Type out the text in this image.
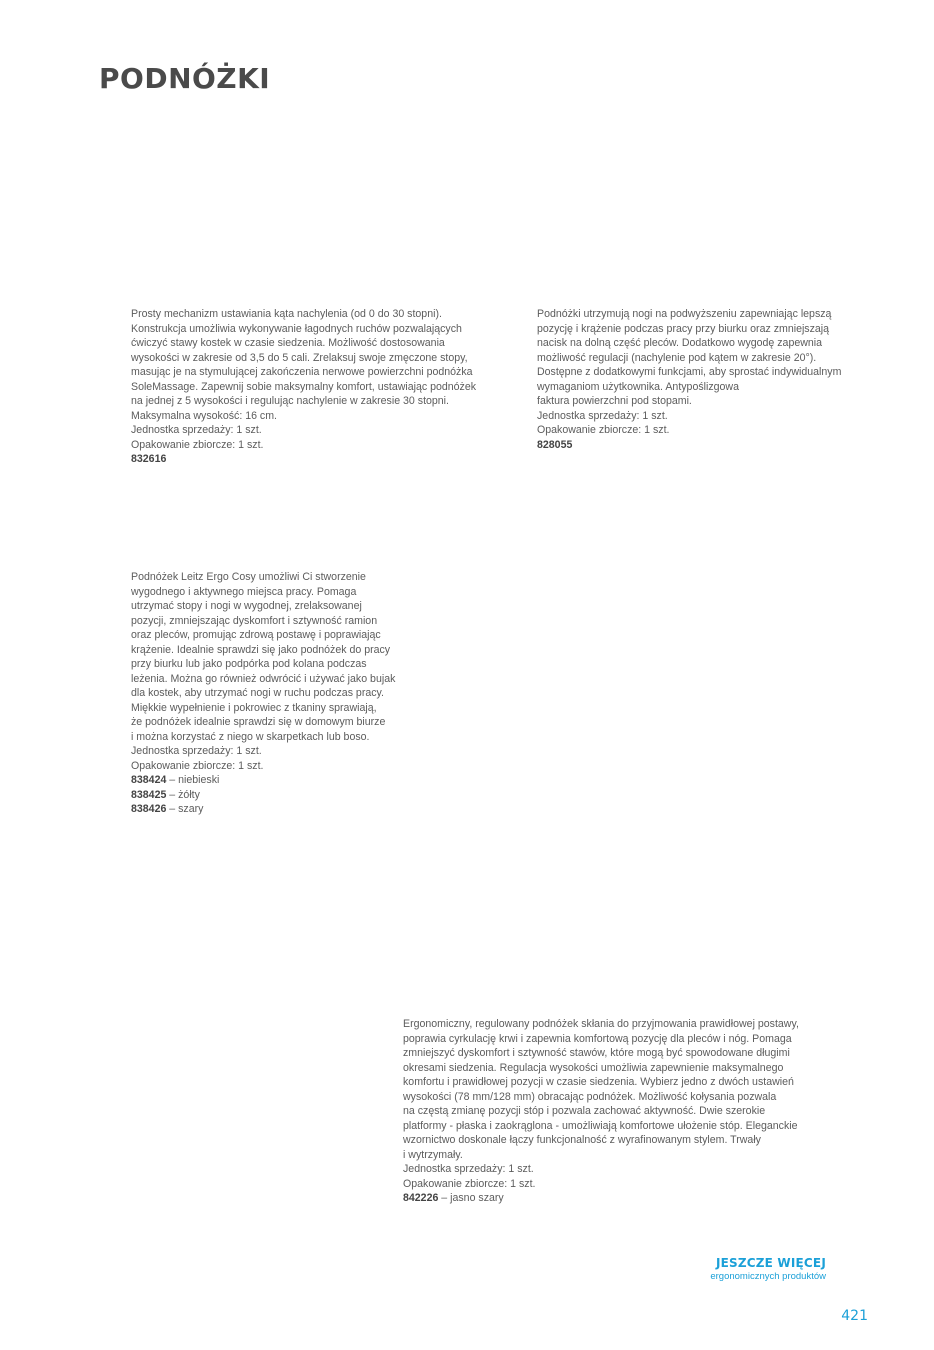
PODNÓŻKI

Prosty mechanizm ustawiania kąta nachylenia (od 0 do 30 stopni).
Konstrukcja umożliwia wykonywanie łagodnych ruchów pozwalających
ćwiczyć stawy kostek w czasie siedzenia. Możliwość dostosowania
wysokości w zakresie od 3,5 do 5 cali. Zrelaksuj swoje zmęczone stopy,
masując je na stymulującej zakończenia nerwowe powierzchni podnóżka
SoleMassage. Zapewnij sobie maksymalny komfort, ustawiając podnóżek
na jednej z 5 wysokości i regulując nachylenie w zakresie 30 stopni.
Maksymalna wysokość: 16 cm.

Jednostka sprzedaży: 1 szt.

Opakowanie zbiorcze: 1 szt.

832616

Podnóżki utrzymują nogi na podwyższeniu zapewniając lepszą
pozycję i krążenie podczas pracy przy biurku oraz zmniejszają
nacisk na dolną część pleców. Dodatkowo wygodę zapewnia
możliwość regulacji (nachylenie pod kątem w zakresie 20°).
Dostępne z dodatkowymi funkcjami, aby sprostać indywidualnym
wymaganiom użytkownika. Antypoślizgowa
faktura powierzchni pod stopami.

Jednostka sprzedaży: 1 szt.

Opakowanie zbiorcze: 1 szt.

828055

Podnóżek Leitz Ergo Cosy umożliwi Ci stworzenie
wygodnego i aktywnego miejsca pracy. Pomaga
utrzymać stopy i nogi w wygodnej, zrelaksowanej
pozycji, zmniejszając dyskomfort i sztywność ramion
oraz pleców, promując zdrową postawę i poprawiając
krążenie. Idealnie sprawdzi się jako podnóżek do pracy
przy biurku lub jako podpórka pod kolana podczas
leżenia. Można go również odwrócić i używać jako bujak
dla kostek, aby utrzymać nogi w ruchu podczas pracy.
Miękkie wypełnienie i pokrowiec z tkaniny sprawiają,
że podnóżek idealnie sprawdzi się w domowym biurze
i można korzystać z niego w skarpetkach lub boso.

Jednostka sprzedaży: 1 szt.

Opakowanie zbiorcze: 1 szt.

838424 – niebieski

838425 – żółty

838426 – szary

Ergonomiczny, regulowany podnóżek skłania do przyjmowania prawidłowej postawy,
poprawia cyrkulację krwi i zapewnia komfortową pozycję dla pleców i nóg. Pomaga
zmniejszyć dyskomfort i sztywność stawów, które mogą być spowodowane długimi
okresami siedzenia. Regulacja wysokości umożliwia zapewnienie maksymalnego
komfortu i prawidłowej pozycji w czasie siedzenia. Wybierz jedno z dwóch ustawień
wysokości (78 mm/128 mm) obracając podnóżek. Możliwość kołysania pozwala
na częstą zmianę pozycji stóp i pozwala zachować aktywność. Dwie szerokie
platformy - płaska i zaokrąglona - umożliwiają komfortowe ułożenie stóp. Eleganckie
wzornictwo doskonale łączy funkcjonalność z wyrafinowanym stylem. Trwały
i wytrzymały.

Jednostka sprzedaży: 1 szt.

Opakowanie zbiorcze: 1 szt.

842226 – jasno szary

JESZCZE WIĘCEJ
ergonomicznych produktów
421
